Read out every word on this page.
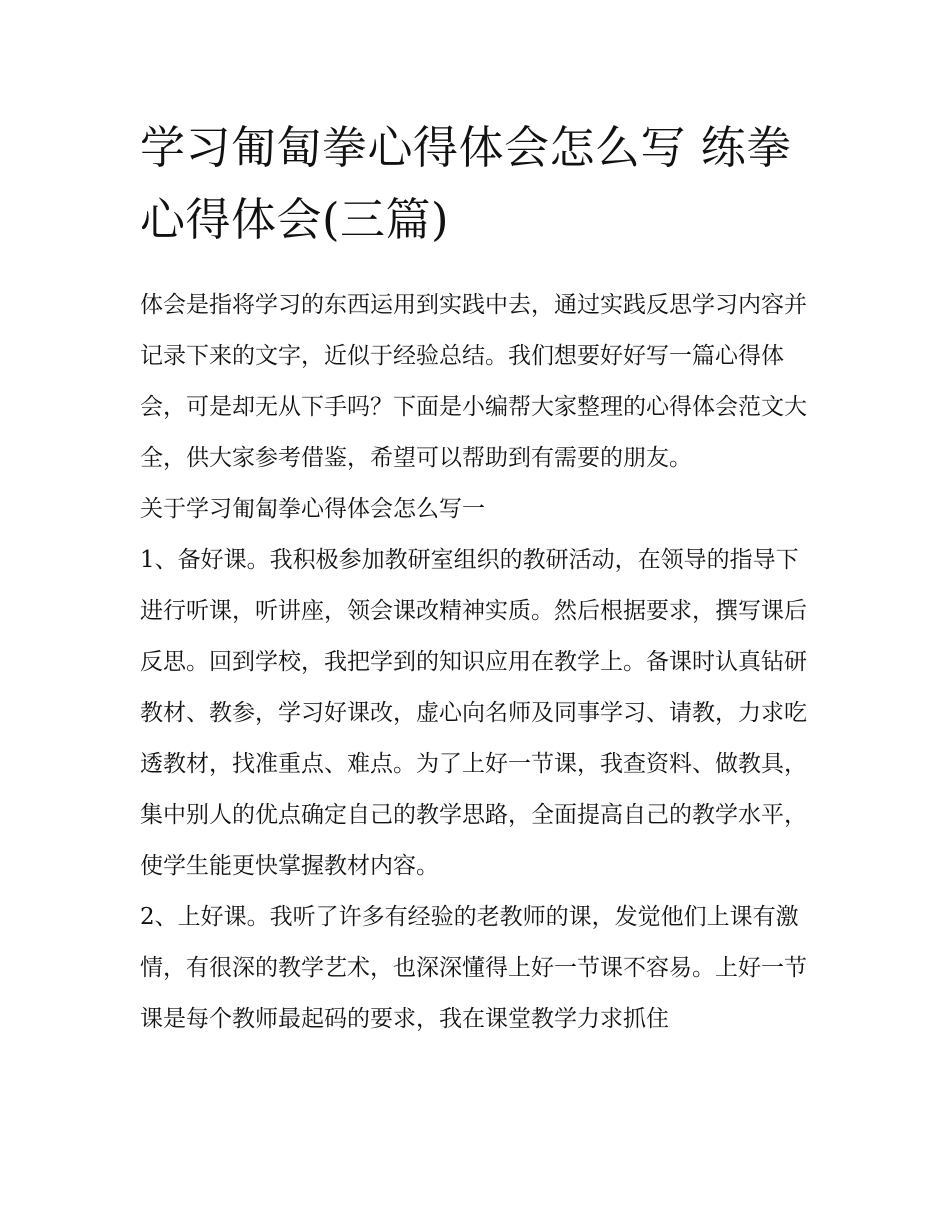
学习匍匐拳心得体会怎么写 练拳心得体会(三篇)

体会是指将学习的东西运用到实践中去，通过实践反思学习内容并记录下来的文字，近似于经验总结。我们想要好好写一篇心得体会，可是却无从下手吗？下面是小编帮大家整理的心得体会范文大全，供大家参考借鉴，希望可以帮助到有需要的朋友。

关于学习匍匐拳心得体会怎么写一

1、备好课。我积极参加教研室组织的教研活动，在领导的指导下进行听课，听讲座，领会课改精神实质。然后根据要求，撰写课后反思。回到学校，我把学到的知识应用在教学上。备课时认真钻研教材、教参，学习好课改，虚心向名师及同事学习、请教，力求吃透教材，找准重点、难点。为了上好一节课，我查资料、做教具，集中别人的优点确定自己的教学思路，全面提高自己的教学水平，使学生能更快掌握教材内容。

2、上好课。我听了许多有经验的老教师的课，发觉他们上课有激情，有很深的教学艺术，也深深懂得上好一节课不容易。上好一节课是每个教师最起码的要求，我在课堂教学力求抓住
